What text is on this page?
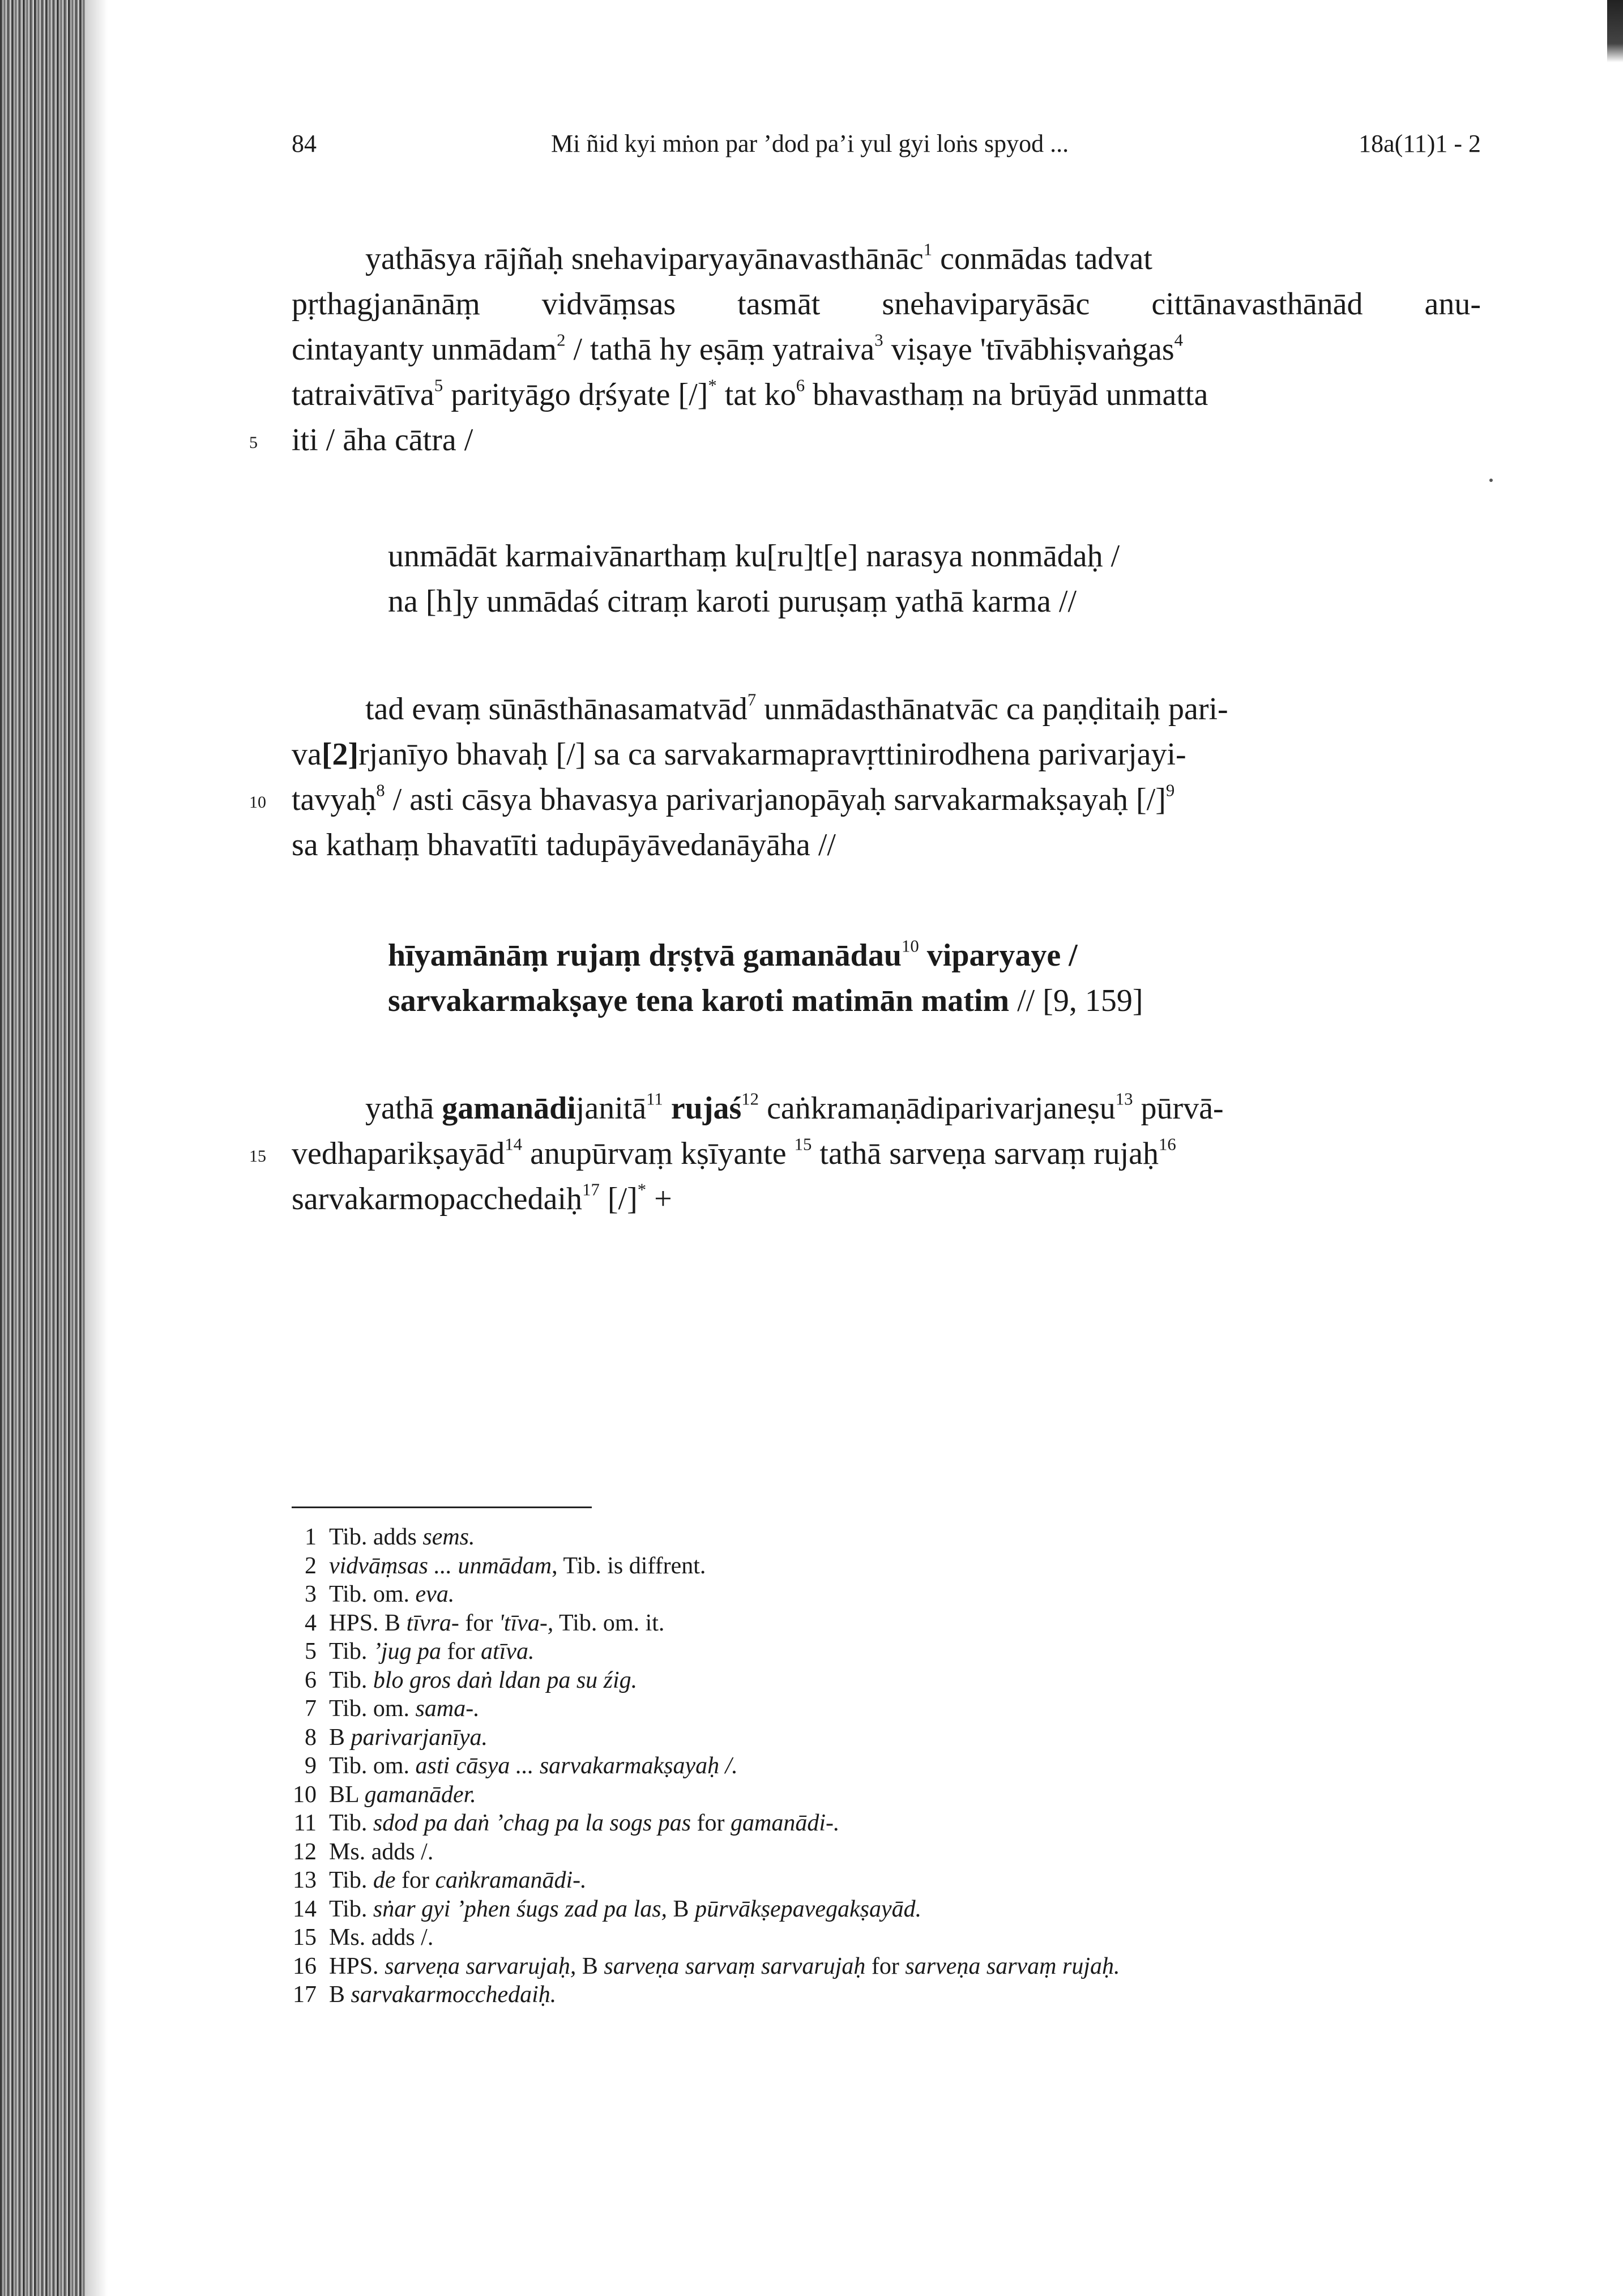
84	Mi ñid kyi mṅon par ’dod pa’i yul gyi loṅs spyod ...	18a(11)1 - 2
yathāsya rājñaḥ snehaviparyayānavasthānāc$^1$ conmādas tadvat
pṛthagjanānāṃ vidvāṃsas tasmāt snehaviparyāsāc cittānavasthānād anu-
cintayanty unmādam$^2$ / tathā hy eṣāṃ yatraiva$^3$ viṣaye 'tīvābhiṣvaṅgas$^4$
tatraivātīva$^5$ parityāgo dṛśyate [/]* tat $ko^6$ bhavasthaṃ na brūyād unmatta
5 iti / āha cātra /
unmādāt karmaivānarthaṃ ku[ru]t[e] narasya nonmādaḥ /
na [h]y unmādaś citraṃ karoti puruṣaṃ yathā karma //
tad evaṃ sūnāsthānasamatvād$^7$ unmādasthānatvāc ca paṇḍitaiḥ pari-
va[2]rjanīyo bhavaḥ [/] sa ca sarvakarmapravṛttinirodhena parivarjayi-
10 tavyaḥ$^8$ / asti cāsya bhavasya parivarjanopāyaḥ sarvakarmakṣayaḥ $[/]^9$
sa kathaṃ bhavatīti tadupāyāvedanāyāha //
hīyamānāṃ rujaṃ dṛṣṭvā gamanādau$^{10}$ viparyaye /
sarvakarmakṣaye tena karoti matimān matim // [9, 159]
yathā gamanādijanitā$^{11}$ rujaś$^{12}$ caṅkramaṇādiparivarjaneṣu$^{13}$ pūrvā-
15 vedhaparikṣayād$^{14}$ anupūrvaṃ kṣīyante $^{15}$ tathā sarveṇa sarvaṃ rujaḥ$^{16}$
sarvakarmopacchedaiḥ$^{17}$ [/]* +
1 Tib. adds sems.
2 vidvāṃsas ... unmādam, Tib. is diffrent.
3 Tib. om. eva.
4 HPS. B tīvra- for 'tīva-, Tib. om. it.
5 Tib. ’jug pa for atīva.
6 Tib. blo gros daṅ ldan pa su źig.
7 Tib. om. sama-.
8 B parivarjanīya.
9 Tib. om. asti cāsya ... sarvakarmakṣayaḥ /.
10 BL gamanāder.
11 Tib. sdod pa daṅ ’chag pa la sogs pas for gamanādi-.
12 Ms. adds /.
13 Tib. de for caṅkramanādi-.
14 Tib. sṅar gyi ’phen śugs zad pa las, B pūrvākṣepavegakṣayād.
15 Ms. adds /.
16 HPS. sarveṇa sarvarujaḥ, B sarveṇa sarvaṃ sarvarujaḥ for sarveṇa sarvaṃ rujaḥ.
17 B sarvakarmocchedaiḥ.
